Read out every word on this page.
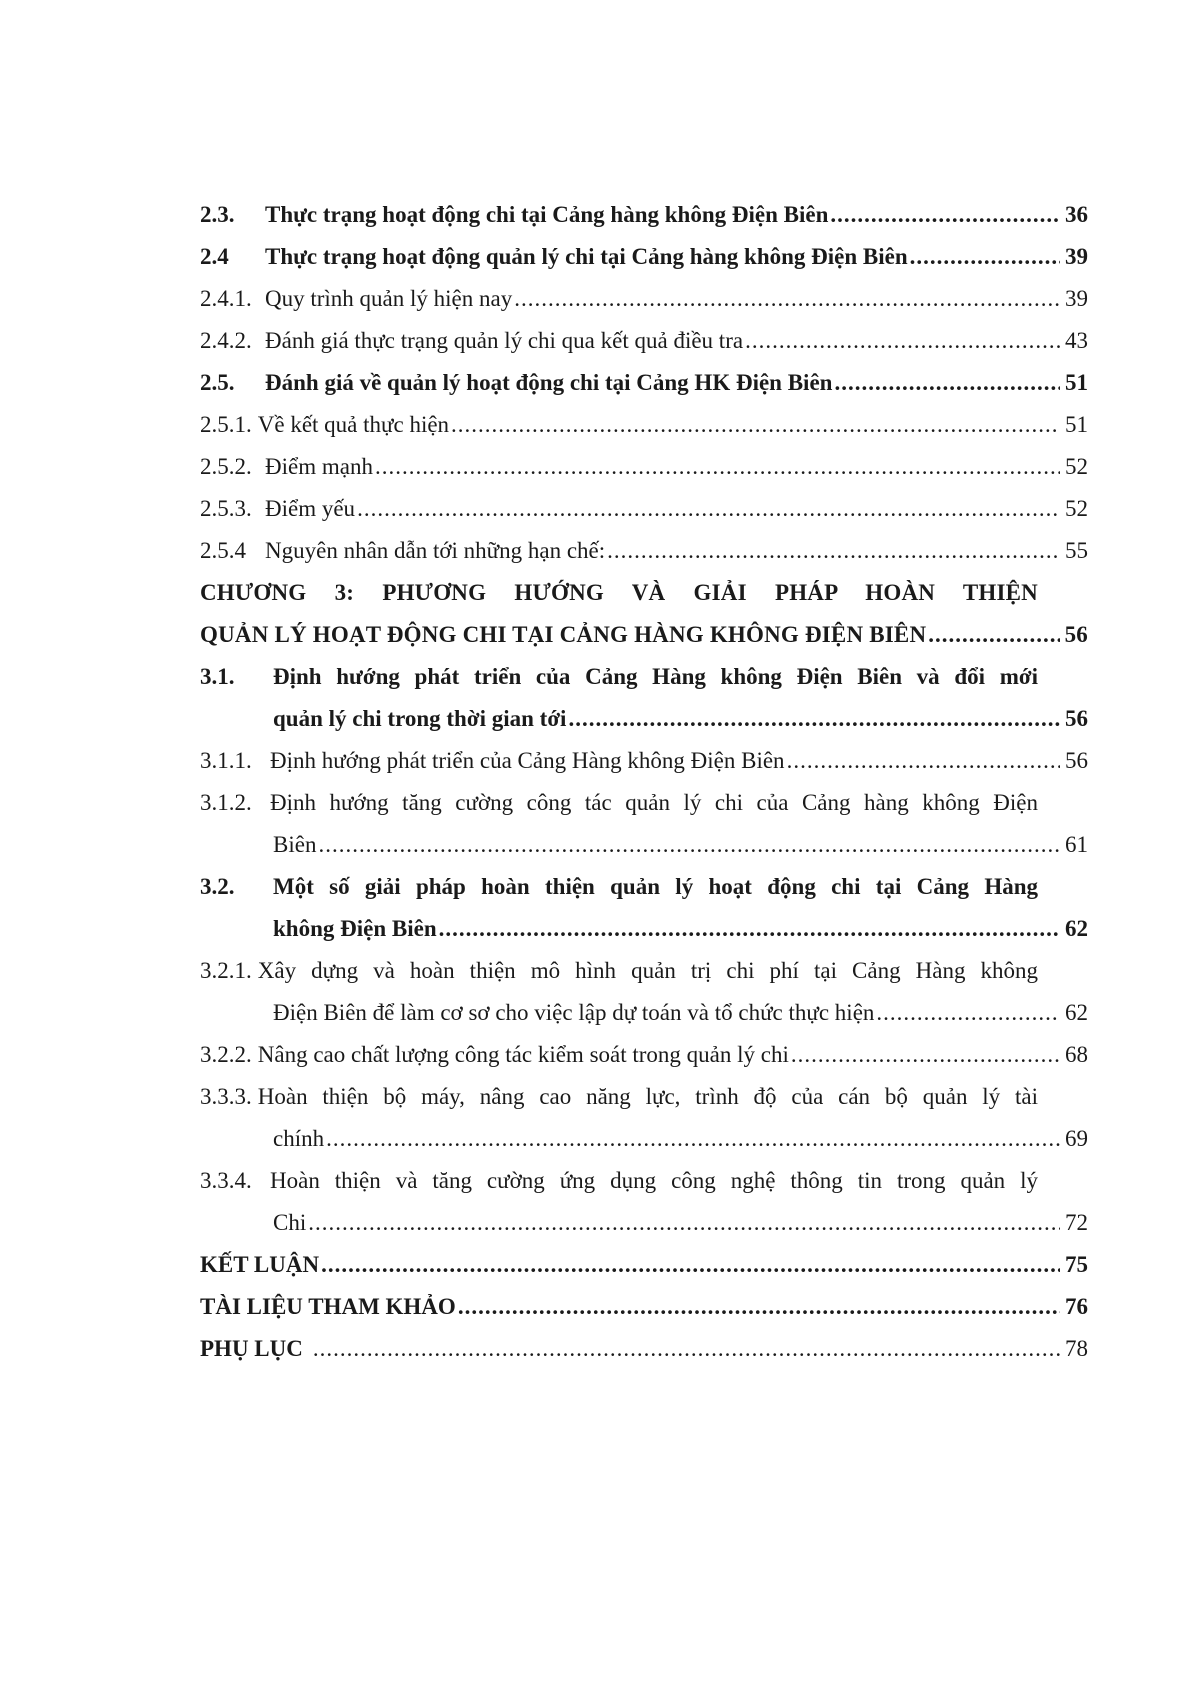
2.3.	Thực trạng hoạt động chi tại Cảng hàng không Điện Biên .....	36
2.4	Thực trạng hoạt động quản lý chi tại Cảng hàng không Điện Biên .....	39
2.4.1. Quy trình quản lý hiện nay .....	39
2.4.2. Đánh giá thực trạng quản lý chi qua kết quả điều tra .....	43
2.5.	Đánh giá về quản lý hoạt động chi tại Cảng HK Điện Biên .....	51
2.5.1. Về kết quả thực hiện .....	51
2.5.2. Điểm mạnh .....	52
2.5.3. Điểm yếu .....	52
2.5.4 Nguyên nhân dẫn tới những hạn chế: .....	55
CHƯƠNG 3: PHƯƠNG HƯỚNG VÀ GIẢI PHÁP HOÀN THIỆN
QUẢN LÝ HOẠT ĐỘNG CHI TẠI CẢNG HÀNG KHÔNG ĐIỆN BIÊN .....	56
3.1.	Định hướng phát triển của Cảng Hàng không Điện Biên và đổi mới
quản lý chi trong thời gian tới .....	56
3.1.1. Định hướng phát triển của Cảng Hàng không Điện Biên .....	56
3.1.2. Định hướng tăng cường công tác quản lý chi của Cảng hàng không Điện
Biên .....	61
3.2.	Một số giải pháp hoàn thiện quản lý hoạt động chi tại Cảng Hàng
không Điện Biên .....	62
3.2.1. Xây dựng và hoàn thiện mô hình quản trị chi phí tại Cảng Hàng không
Điện Biên để làm cơ sơ cho việc lập dự toán và tổ chức thực hiện .....	62
3.2.2. Nâng cao chất lượng công tác kiểm soát trong quản lý chi .....	68
3.3.3. Hoàn thiện bộ máy, nâng cao năng lực, trình độ của cán bộ quản lý tài
chính .....	69
3.3.4. Hoàn thiện và tăng cường ứng dụng công nghệ thông tin trong quản lý
Chi .....	72
KẾT LUẬN .....	75
TÀI LIỆU THAM KHẢO .....	76
PHỤ LỤC .....	78
